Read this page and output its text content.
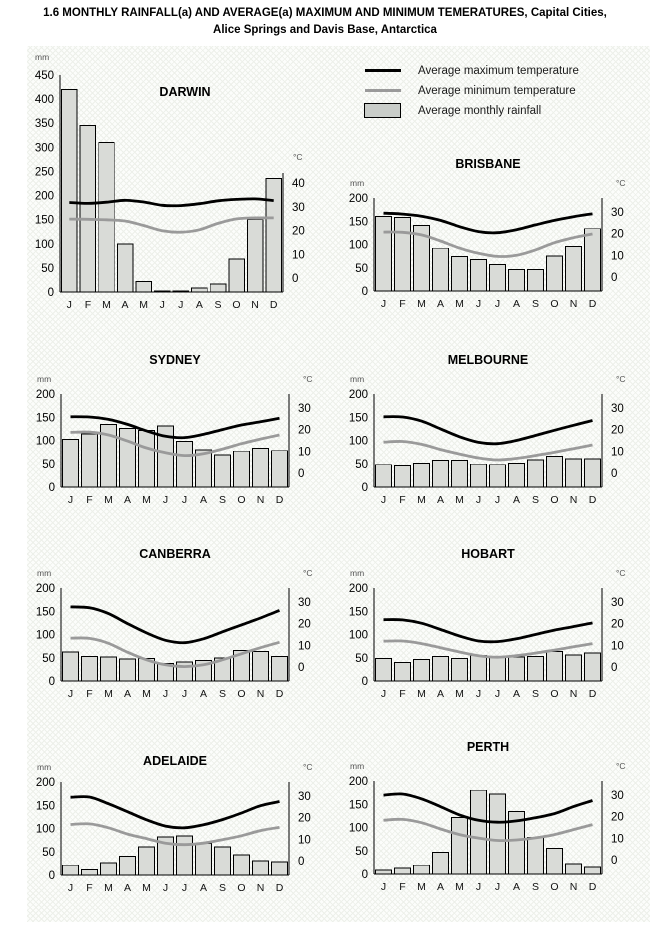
1.6 MONTHLY RAINFALL(a) AND AVERAGE(a) MAXIMUM AND MINIMUM TEMERATURES, Capital Cities,
Alice Springs and Davis Base, Antarctica
Average maximum temperature
Average minimum temperature
Average monthly rainfall
0
50
100
150
200
250
300
350
400
450
0
10
20
30
40
J F M A M J J A S O N D
mm
°C
DARWIN
0
50
100
150
200
0
10
20
30
J F M A M J J A S O N D
mm	°C
BRISBANE
0
50
100
150
200
0
10
20
30
J F M A M J J A S O N D
mm	°C
SYDNEY
0
50
100
150
200
0
10
20
30
J F M A M J J A S O N D
mm	°C
MELBOURNE
0
50
100
150
200
0
10
20
30
J F M A M J J A S O N D
mm	°C
CANBERRA
0
50
100
150
200
0
10
20
30
J F M A M J J A S O N D
mm	°C
HOBART
0
50
100
150
200
0
10
20
30
J F M A M J J A S O N D
mm	°C
ADELAIDE
0
50
100
150
200
0
10
20
30
J F M A M J J A S O N D
mm	°C
PERTH
